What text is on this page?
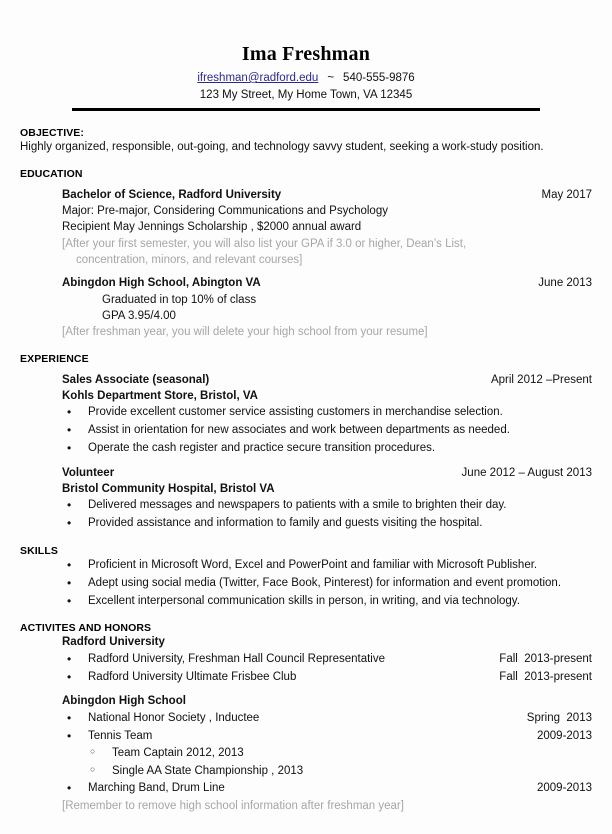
Ima Freshman
ifreshman@radford.edu ~ 540-555-9876
123 My Street, My Home Town, VA 12345
OBJECTIVE:
Highly organized, responsible, out-going, and technology savvy student, seeking a work-study position.
EDUCATION
Bachelor of Science, Radford University	May 2017
Major: Pre-major, Considering Communications and Psychology
Recipient May Jennings Scholarship , $2000 annual award
[After your first semester, you will also list your GPA if 3.0 or higher, Dean’s List,
concentration, minors, and relevant courses]
Abingdon High School, Abington VA	June 2013
Graduated in top 10% of class
GPA 3.95/4.00
[After freshman year, you will delete your high school from your resume]
EXPERIENCE
Sales Associate (seasonal)	April 2012 –Present
Kohls Department Store, Bristol, VA
• Provide excellent customer service assisting customers in merchandise selection.
• Assist in orientation for new associates and work between departments as needed.
• Operate the cash register and practice secure transition procedures.
Volunteer	June 2012 – August 2013
Bristol Community Hospital, Bristol VA
• Delivered messages and newspapers to patients with a smile to brighten their day.
• Provided assistance and information to family and guests visiting the hospital.
SKILLS
• Proficient in Microsoft Word, Excel and PowerPoint and familiar with Microsoft Publisher.
• Adept using social media (Twitter, Face Book, Pinterest) for information and event promotion.
• Excellent interpersonal communication skills in person, in writing, and via technology.
ACTIVITES AND HONORS
Radford University
• Radford University, Freshman Hall Council Representative	Fall  2013-present
• Radford University Ultimate Frisbee Club	Fall  2013-present
Abingdon High School
• National Honor Society , Inductee	Spring  2013
• Tennis Team	2009-2013
○ Team Captain 2012, 2013
○ Single AA State Championship , 2013
• Marching Band, Drum Line	2009-2013
[Remember to remove high school information after freshman year]
